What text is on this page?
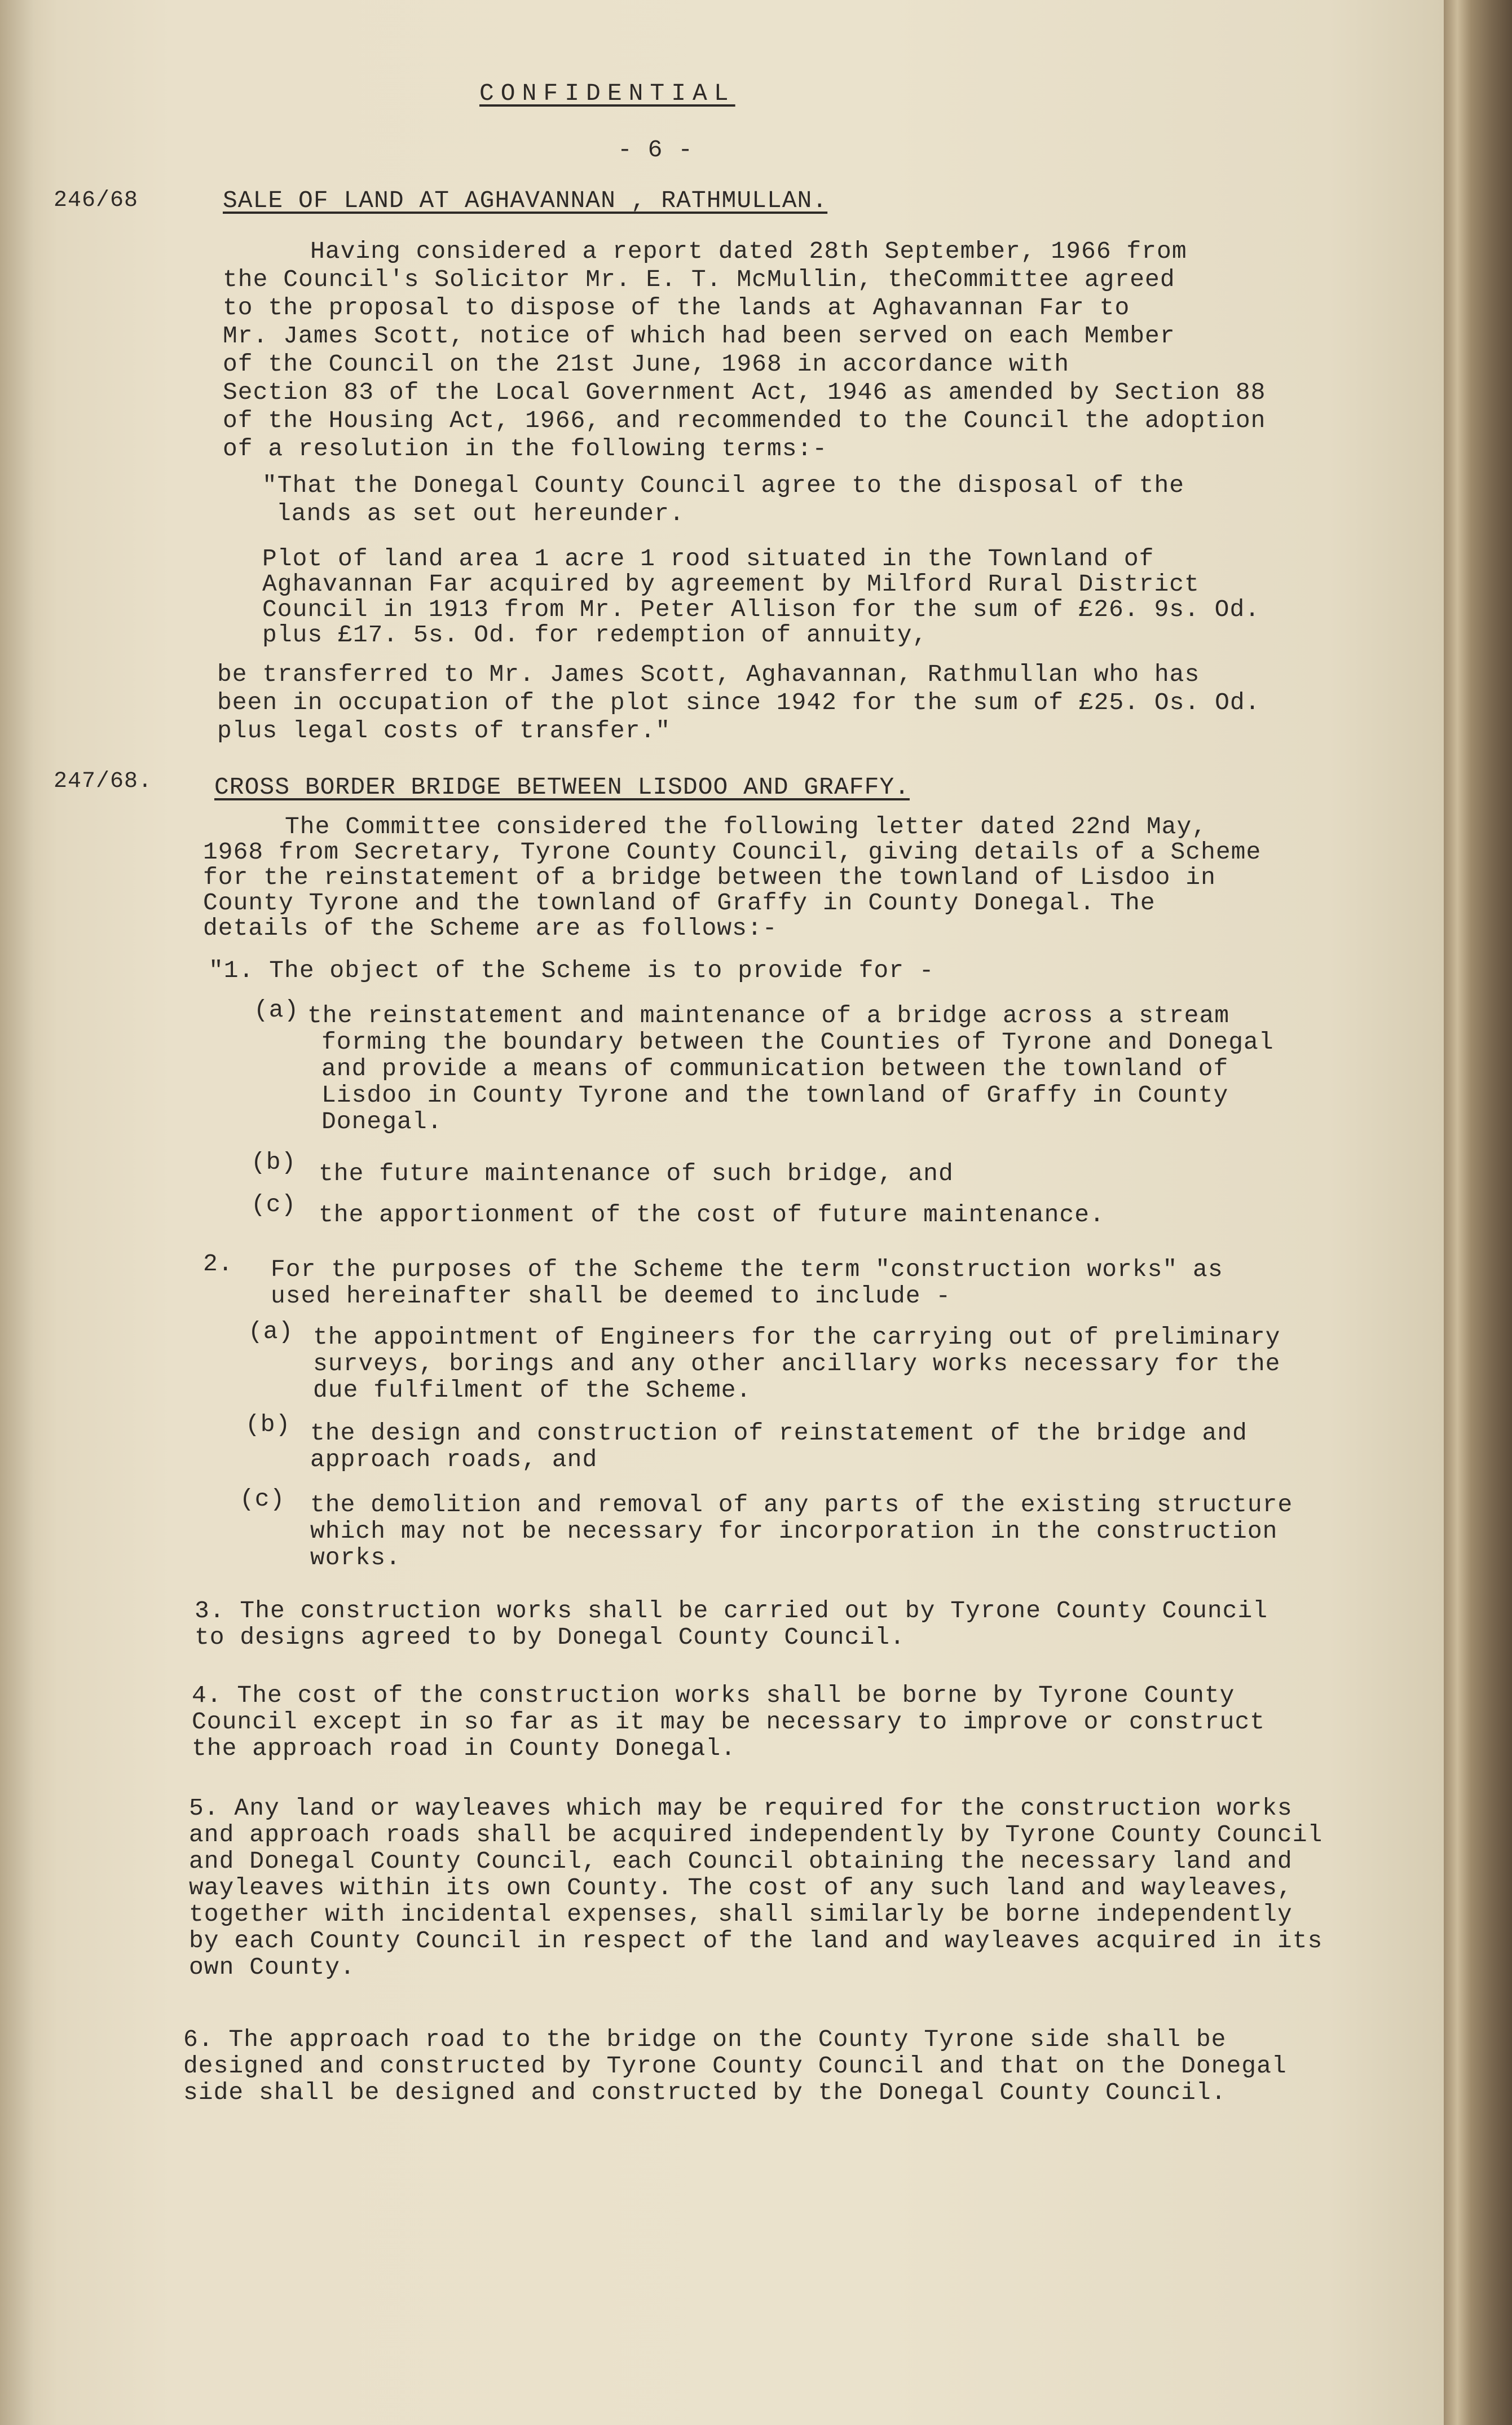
CONFIDENTIAL
- 6 -
246/68	SALE OF LAND AT AGHAVANNAN , RATHMULLAN.
Having considered a report dated 28th September, 1966 from
the Council's Solicitor Mr. E. T. McMullin, theCommittee agreed
to the proposal to dispose of the lands at Aghavannan Far to
Mr. James Scott, notice of which had been served on each Member
of the Council on the 21st June, 1968 in accordance with
Section 83 of the Local Government Act, 1946 as amended by Section 88
of the Housing Act, 1966, and recommended to the Council the adoption
of a resolution in the following terms:-
"That the Donegal County Council agree to the disposal of the
lands as set out hereunder.
Plot of land area 1 acre 1 rood situated in the Townland of
Aghavannan Far acquired by agreement by Milford Rural District
Council in 1913 from Mr. Peter Allison for the sum of £26. 9s. Od.
plus £17. 5s. Od. for redemption of annuity,
be transferred to Mr. James Scott, Aghavannan, Rathmullan who has
been in occupation of the plot since 1942 for the sum of £25. Os. Od.
plus legal costs of transfer."
247/68.	CROSS BORDER BRIDGE BETWEEN LISDOO AND GRAFFY.
The Committee considered the following letter dated 22nd May,
1968 from Secretary, Tyrone County Council, giving details of a Scheme
for the reinstatement of a bridge between the townland of Lisdoo in
County Tyrone and the townland of Graffy in County Donegal. The
details of the Scheme are as follows:-
"1. The object of the Scheme is to provide for -
(a) the reinstatement and maintenance of a bridge across a stream
forming the boundary between the Counties of Tyrone and Donegal
and provide a means of communication between the townland of
Lisdoo in County Tyrone and the townland of Graffy in County
Donegal.
(b) the future maintenance of such bridge, and
(c) the apportionment of the cost of future maintenance.
2. For the purposes of the Scheme the term "construction works" as
used hereinafter shall be deemed to include -
(a) the appointment of Engineers for the carrying out of preliminary
surveys, borings and any other ancillary works necessary for the
due fulfilment of the Scheme.
(b) the design and construction of reinstatement of the bridge and
approach roads, and
(c) the demolition and removal of any parts of the existing structure
which may not be necessary for incorporation in the construction
works.
3. The construction works shall be carried out by Tyrone County Council
to designs agreed to by Donegal County Council.
4. The cost of the construction works shall be borne by Tyrone County
Council except in so far as it may be necessary to improve or construct
the approach road in County Donegal.
5. Any land or wayleaves which may be required for the construction works
and approach roads shall be acquired independently by Tyrone County Council
and Donegal County Council, each Council obtaining the necessary land and
wayleaves within its own County. The cost of any such land and wayleaves,
together with incidental expenses, shall similarly be borne independently
by each County Council in respect of the land and wayleaves acquired in its
own County.
6. The approach road to the bridge on the County Tyrone side shall be
designed and constructed by Tyrone County Council and that on the Donegal
side shall be designed and constructed by the Donegal County Council.
